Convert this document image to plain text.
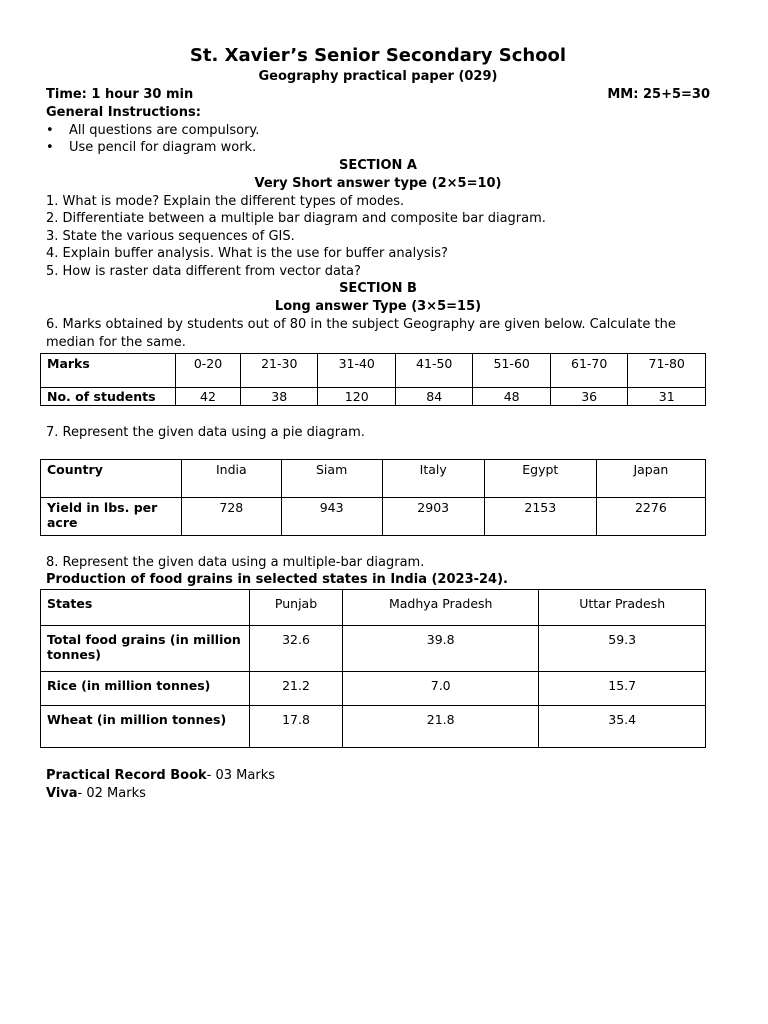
St. Xavier’s Senior Secondary School
Geography practical paper (029)
Time: 1 hour 30 min	MM: 25+5=30
General Instructions:
• All questions are compulsory.
• Use pencil for diagram work.
SECTION A
Very Short answer type (2×5=10)
1. What is mode? Explain the different types of modes.
2. Differentiate between a multiple bar diagram and composite bar diagram.
3. State the various sequences of GIS.
4. Explain buffer analysis. What is the use for buffer analysis?
5. How is raster data different from vector data?
SECTION B
Long answer Type (3×5=15)
6. Marks obtained by students out of 80 in the subject Geography are given below. Calculate the median for the same.
Marks	0-20	21-30	31-40	41-50	51-60	61-70	71-80
No. of students	42	38	120	84	48	36	31
7. Represent the given data using a pie diagram.
Country	India	Siam	Italy	Egypt	Japan
Yield in lbs. per acre	728	943	2903	2153	2276
8. Represent the given data using a multiple-bar diagram.
Production of food grains in selected states in India (2023-24).
States	Punjab	Madhya Pradesh	Uttar Pradesh
Total food grains (in million tonnes)	32.6	39.8	59.3
Rice (in million tonnes)	21.2	7.0	15.7
Wheat (in million tonnes)	17.8	21.8	35.4
Practical Record Book- 03 Marks
Viva- 02 Marks
